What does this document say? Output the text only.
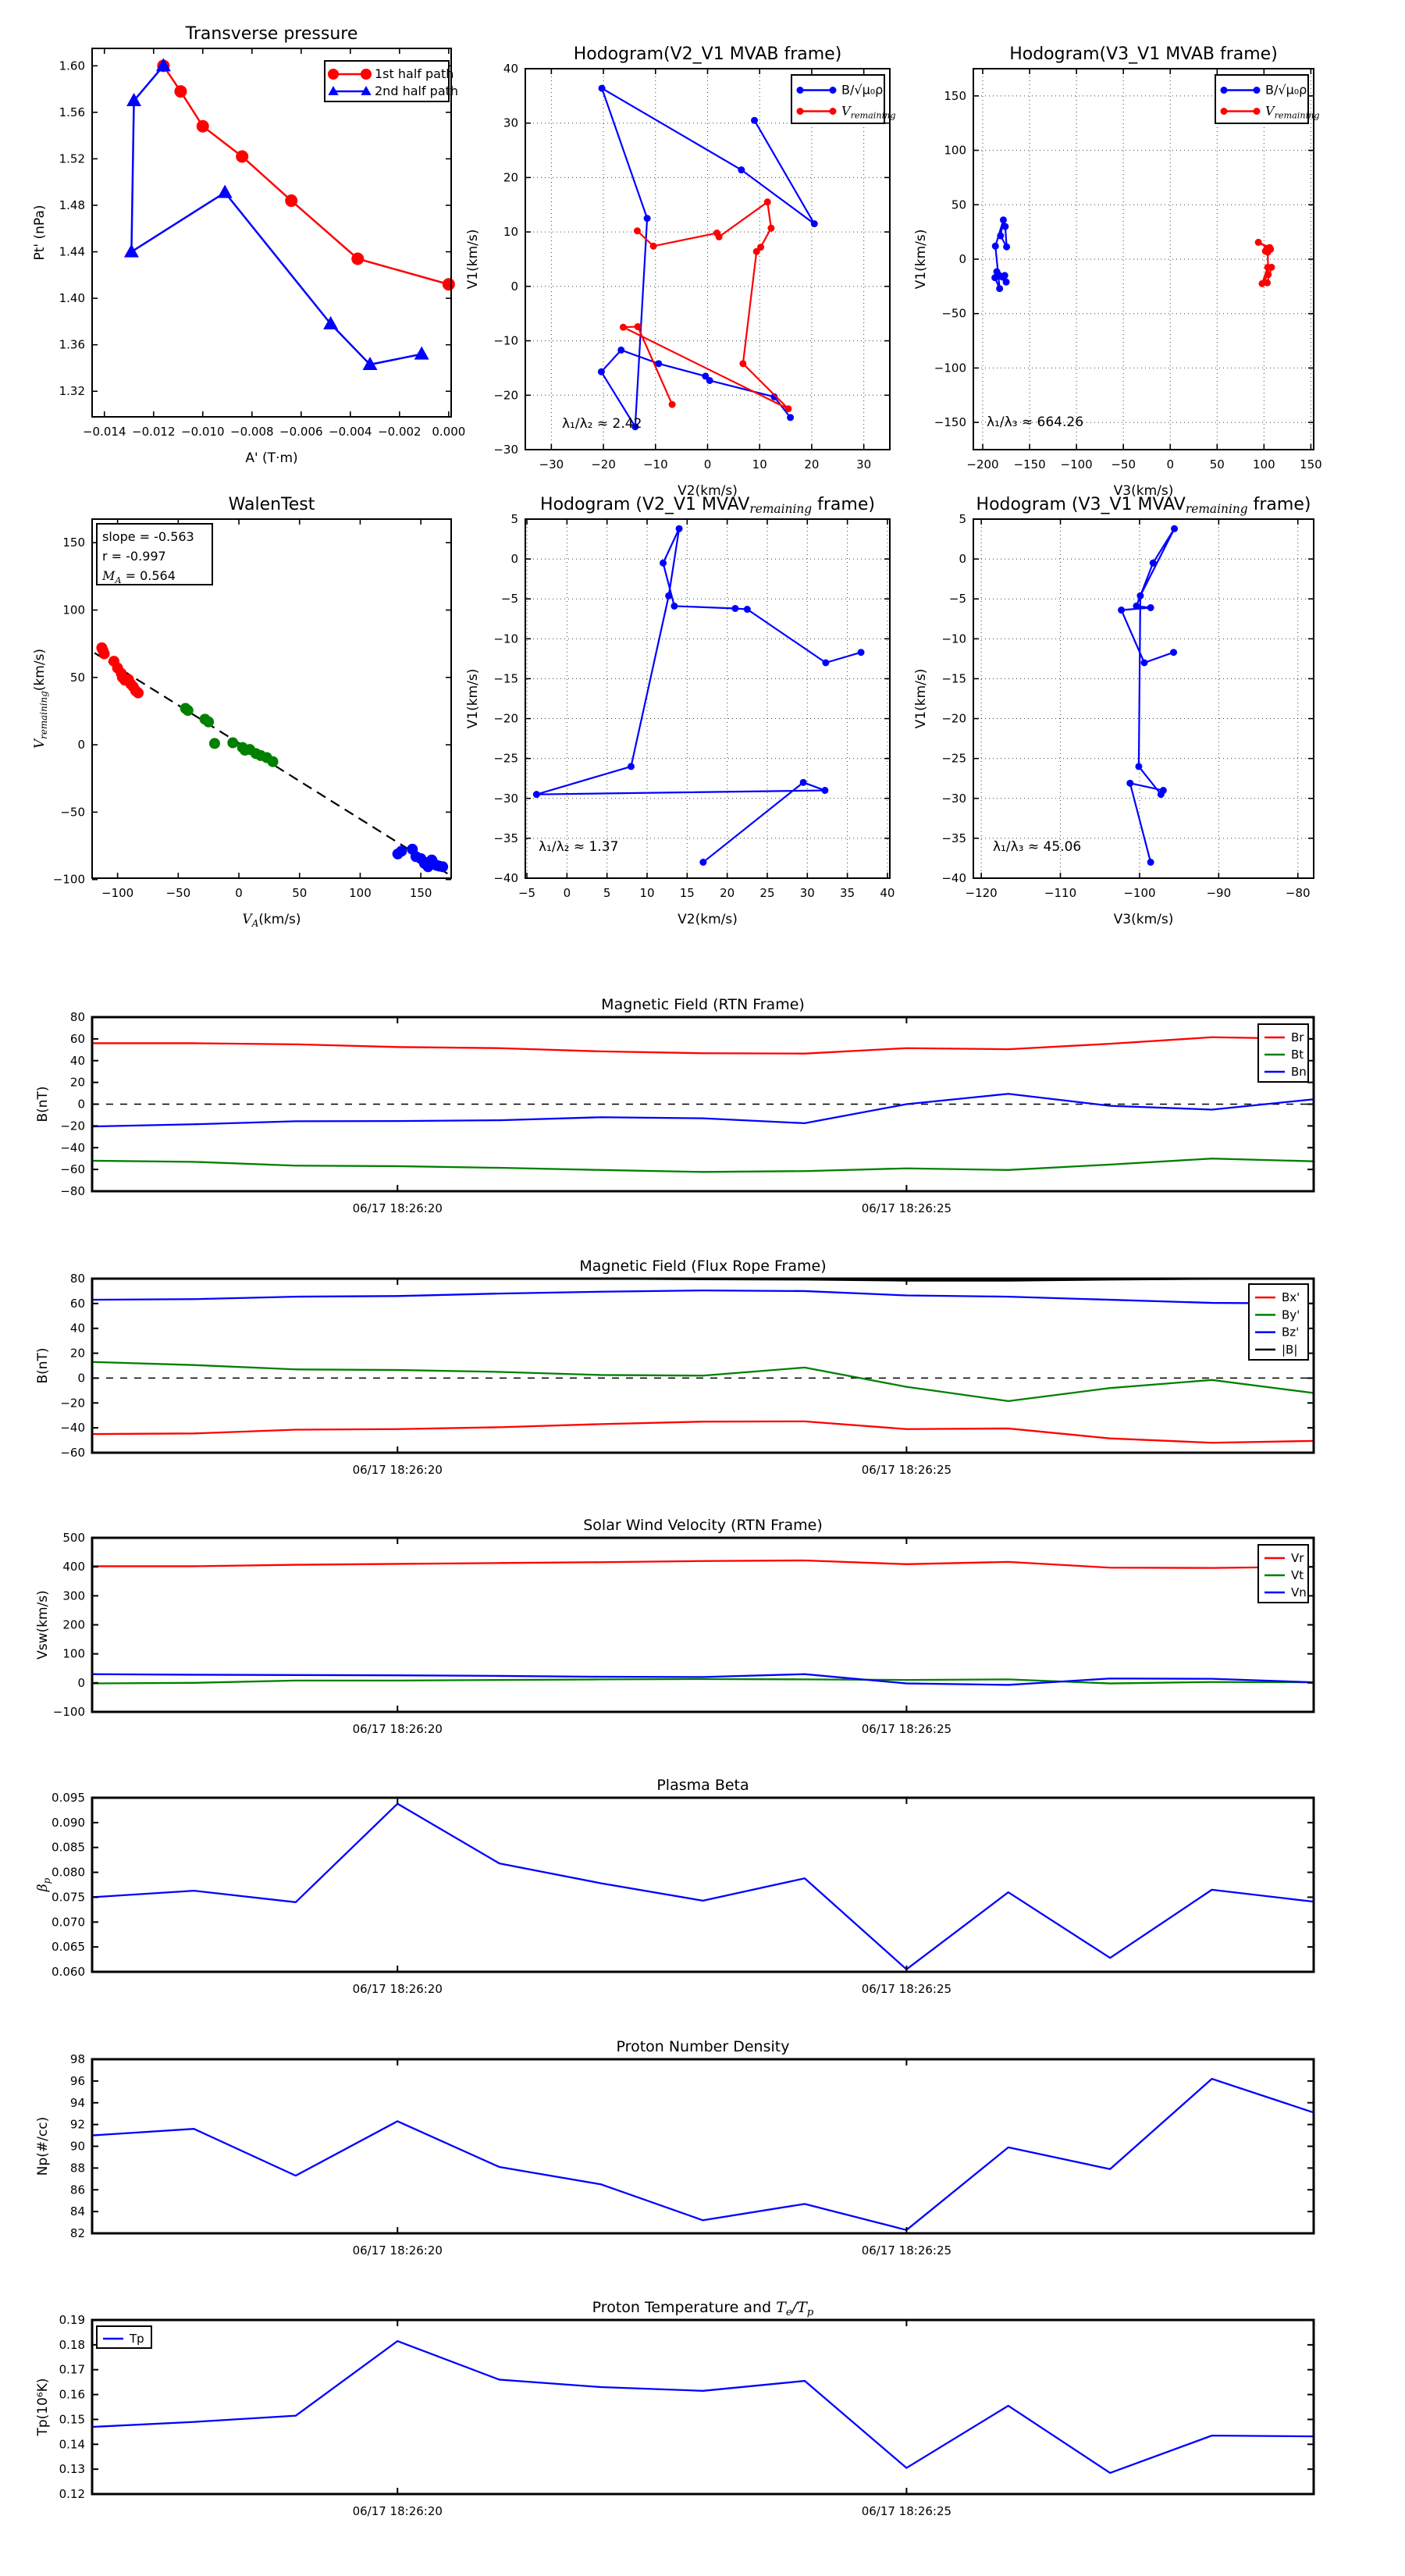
−0.014 −0.012 −0.010 −0.008 −0.006 −0.004 −0.002 0.000
1.32
1.36
1.40
1.44
1.48
1.52
1.56
1.60
Transverse pressure
A' (T·m)
Pt' (nPa)
1st half path
2nd half path
−30 −20 −10	0	10	20	30
−30
−20
−10
0
10
20
30
40
Hodogram(V2_V1 MVAB frame)
V2(km/s)
V1(km/s)
λ₁/λ₂ ≈ 2.42
B/√μ₀ρ
$V_{remaining}$
−200 −150 −100 −50	0	50 100 150
−150
−100
−50
0
50
100
150
Hodogram(V3_V1 MVAB frame)
V3(km/s)
V1(km/s)
λ₁/λ₃ ≈ 664.26
B/√μ₀ρ
$V_{remaining}$
−100	−50	0	50	100	150
−100
−50
0
50
100
150
WalenTest
$V_A(km/s)$
$V_{remaining}(km/s)$
slope = -0.563
r = -0.997
$M_A = 0.564$
−5 0	5 10 15 20 25 30 35 40
−40
−35
−30
−25
−20
−15
−10
−5
0
5
Hodogram (V2_V1 MVAVremaining frame)
V2(km/s)
V1(km/s)
λ₁/λ₂ ≈ 1.37
−120	−110	−100	−90	−80
−40
−35
−30
−25
−20
−15
−10
−5
0
5
Hodogram (V3_V1 MVAVremaining frame)
V3(km/s)
V1(km/s)
λ₁/λ₃ ≈ 45.06
06/17 18:26:20	06/17 18:26:25
−80
−60
−40
−20
0
20
40
60
80
Magnetic Field (RTN Frame)
B(nT)
Br
Bt
Bn
06/17 18:26:20	06/17 18:26:25
−60
−40
−20
0
20
40
60
80
Magnetic Field (Flux Rope Frame)
B(nT)
Bx'
By'
Bz'
|B|
06/17 18:26:20	06/17 18:26:25
−100
0
100
200
300
400
500
Solar Wind Velocity (RTN Frame)
Vsw(km/s)
Vr
Vt
Vn
06/17 18:26:20	06/17 18:26:25
0.060
0.065
0.070
0.075
0.080
0.085
0.090
0.095
Plasma Beta
$\beta_p$
06/17 18:26:20	06/17 18:26:25
82
84
86
88
90
92
94
96
98
Proton Number Density
Np(#/cc)
06/17 18:26:20	06/17 18:26:25
0.12
0.13
0.14
0.15
0.16
0.17
0.18
0.19
Proton Temperature and $T_e/T_p$
Tp(10⁶K)
Tp
